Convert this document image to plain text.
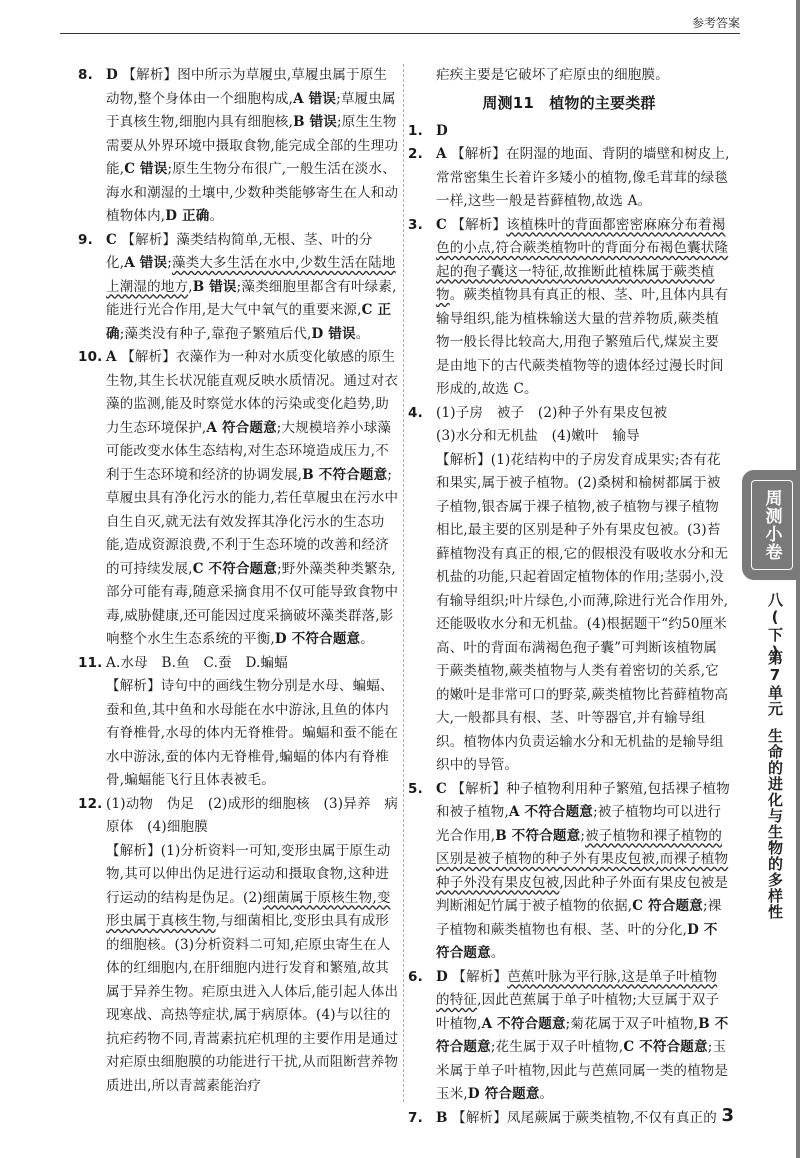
参考答案

8. D 【解析】图中所示为草履虫,草履虫属于原生动物,整个身体由一个细胞构成,A 错误;草履虫属于真核生物,细胞内具有细胞核,B 错误;原生生物需要从外界环境中摄取食物,能完成全部的生理功能,C 错误;原生生物分布很广,一般生活在淡水、海水和潮湿的土壤中,少数种类能够寄生在人和动植物体内,D 正确。

9. C 【解析】藻类结构简单,无根、茎、叶的分化,A 错误;藻类大多生活在水中,少数生活在陆地上潮湿的地方,B 错误;藻类细胞里都含有叶绿素,能进行光合作用,是大气中氧气的重要来源,C 正确;藻类没有种子,靠孢子繁殖后代,D 错误。

10. A 【解析】衣藻作为一种对水质变化敏感的原生生物,其生长状况能直观反映水质情况。通过对衣藻的监测,能及时察觉水体的污染或变化趋势,助力生态环境保护,A 符合题意;大规模培养小球藻可能改变水体生态结构,对生态环境造成压力,不利于生态环境和经济的协调发展,B 不符合题意;草履虫具有净化污水的能力,若任草履虫在污水中自生自灭,就无法有效发挥其净化污水的生态功能,造成资源浪费,不利于生态环境的改善和经济的可持续发展,C 不符合题意;野外藻类种类繁杂,部分可能有毒,随意采摘食用不仅可能导致食物中毒,威胁健康,还可能因过度采摘破坏藻类群落,影响整个水生生态系统的平衡,D 不符合题意。

11. A.水母　B.鱼　C.蚕　D.蝙蝠

【解析】诗句中的画线生物分别是水母、蝙蝠、蚕和鱼,其中鱼和水母能在水中游泳,且鱼的体内有脊椎骨,水母的体内无脊椎骨。蝙蝠和蚕不能在水中游泳,蚕的体内无脊椎骨,蝙蝠的体内有脊椎骨,蝙蝠能飞行且体表被毛。

12. (1)动物　伪足　(2)成形的细胞核　(3)异养　病原体　(4)细胞膜

【解析】(1)分析资料一可知,变形虫属于原生动物,其可以伸出伪足进行运动和摄取食物,这种进行运动的结构是伪足。(2)细菌属于原核生物,变形虫属于真核生物,与细菌相比,变形虫具有成形的细胞核。(3)分析资料二可知,疟原虫寄生在人体的红细胞内,在肝细胞内进行发育和繁殖,故其属于异养生物。疟原虫进入人体后,能引起人体出现寒战、高热等症状,属于病原体。(4)与以往的抗疟药物不同,青蒿素抗疟机理的主要作用是通过对疟原虫细胞膜的功能进行干扰,从而阻断营养物质进出,所以青蒿素能治疗

疟疾主要是它破坏了疟原虫的细胞膜。

周测11　植物的主要类群

1. D

2. A 【解析】在阴湿的地面、背阴的墙壁和树皮上,常常密集生长着许多矮小的植物,像毛茸茸的绿毯一样,这些一般是苔藓植物,故选 A。

3. C 【解析】该植株叶的背面都密密麻麻分布着褐色的小点,符合蕨类植物叶的背面分布褐色囊状隆起的孢子囊这一特征,故推断此植株属于蕨类植物。蕨类植物具有真正的根、茎、叶,且体内具有输导组织,能为植株输送大量的营养物质,蕨类植物一般长得比较高大,用孢子繁殖后代,煤炭主要是由地下的古代蕨类植物等的遗体经过漫长时间形成的,故选 C。

4. (1)子房　被子　(2)种子外有果皮包被

(3)水分和无机盐　(4)嫩叶　输导

【解析】(1)花结构中的子房发育成果实;杏有花和果实,属于被子植物。(2)桑树和榆树都属于被子植物,银杏属于裸子植物,被子植物与裸子植物相比,最主要的区别是种子外有果皮包被。(3)苔藓植物没有真正的根,它的假根没有吸收水分和无机盐的功能,只起着固定植物体的作用;茎弱小,没有输导组织;叶片绿色,小而薄,除进行光合作用外,还能吸收水分和无机盐。(4)根据题干“约50厘米高、叶的背面布满褐色孢子囊”可判断该植物属于蕨类植物,蕨类植物与人类有着密切的关系,它的嫩叶是非常可口的野菜,蕨类植物比苔藓植物高大,一般都具有根、茎、叶等器官,并有输导组织。植物体内负责运输水分和无机盐的是输导组织中的导管。

5. C 【解析】种子植物利用种子繁殖,包括裸子植物和被子植物,A 不符合题意;被子植物均可以进行光合作用,B 不符合题意;被子植物和裸子植物的区别是被子植物的种子外有果皮包被,而裸子植物种子外没有果皮包被,因此种子外面有果皮包被是判断湘妃竹属于被子植物的依据,C 符合题意;裸子植物和蕨类植物也有根、茎、叶的分化,D 不符合题意。

6. D 【解析】芭蕉叶脉为平行脉,这是单子叶植物的特征,因此芭蕉属于单子叶植物;大豆属于双子叶植物,A 不符合题意;菊花属于双子叶植物,B 不符合题意;花生属于双子叶植物,C 不符合题意;玉米属于单子叶植物,因此与芭蕉同属一类的植物是玉米,D 符合题意。

7. B 【解析】凤尾蕨属于蕨类植物,不仅有真正的

周测小卷
八(下)
第7单元
生命的进化与生物的多样性
3
